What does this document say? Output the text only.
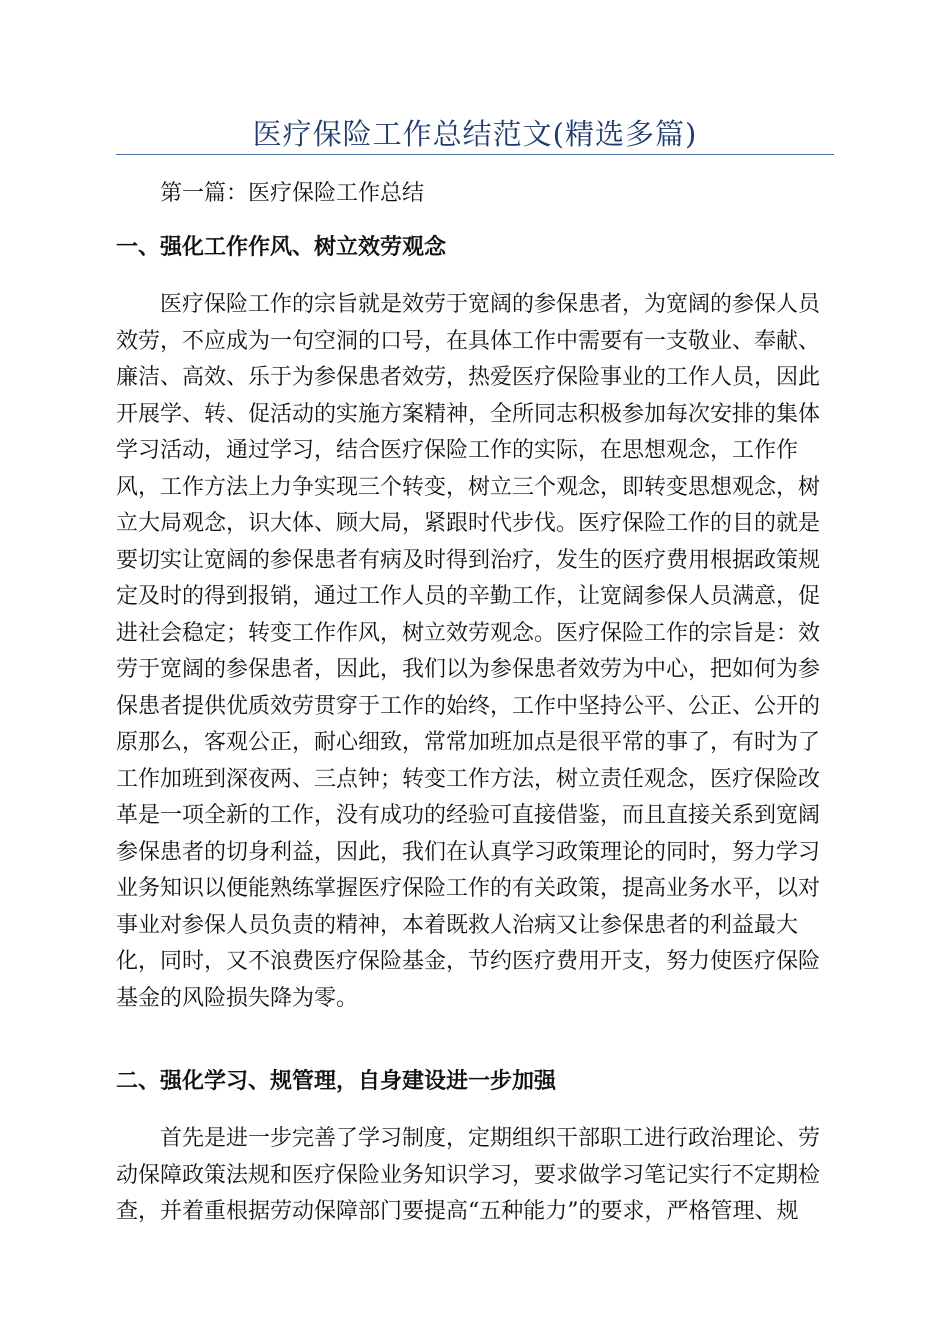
医疗保险工作总结范文(精选多篇)
第一篇：医疗保险工作总结
一、强化工作作风、树立效劳观念
医疗保险工作的宗旨就是效劳于宽阔的参保患者，为宽阔的参保人员
效劳，不应成为一句空洞的口号，在具体工作中需要有一支敬业、奉献、
廉洁、高效、乐于为参保患者效劳，热爱医疗保险事业的工作人员，因此
开展学、转、促活动的实施方案精神，全所同志积极参加每次安排的集体
学习活动，通过学习，结合医疗保险工作的实际，在思想观念，工作作
风，工作方法上力争实现三个转变，树立三个观念，即转变思想观念，树
立大局观念，识大体、顾大局，紧跟时代步伐。医疗保险工作的目的就是
要切实让宽阔的参保患者有病及时得到治疗，发生的医疗费用根据政策规
定及时的得到报销，通过工作人员的辛勤工作，让宽阔参保人员满意，促
进社会稳定；转变工作作风，树立效劳观念。医疗保险工作的宗旨是：效
劳于宽阔的参保患者，因此，我们以为参保患者效劳为中心，把如何为参
保患者提供优质效劳贯穿于工作的始终，工作中坚持公平、公正、公开的
原那么，客观公正，耐心细致，常常加班加点是很平常的事了，有时为了
工作加班到深夜两、三点钟；转变工作方法，树立责任观念，医疗保险改
革是一项全新的工作，没有成功的经验可直接借鉴，而且直接关系到宽阔
参保患者的切身利益，因此，我们在认真学习政策理论的同时，努力学习
业务知识以便能熟练掌握医疗保险工作的有关政策，提高业务水平，以对
事业对参保人员负责的精神，本着既救人治病又让参保患者的利益最大
化，同时，又不浪费医疗保险基金，节约医疗费用开支，努力使医疗保险
基金的风险损失降为零。
二、强化学习、规管理，自身建设进一步加强
首先是进一步完善了学习制度，定期组织干部职工进行政治理论、劳
动保障政策法规和医疗保险业务知识学习，要求做学习笔记实行不定期检
查，并着重根据劳动保障部门要提高“五种能力”的要求，严格管理、规
